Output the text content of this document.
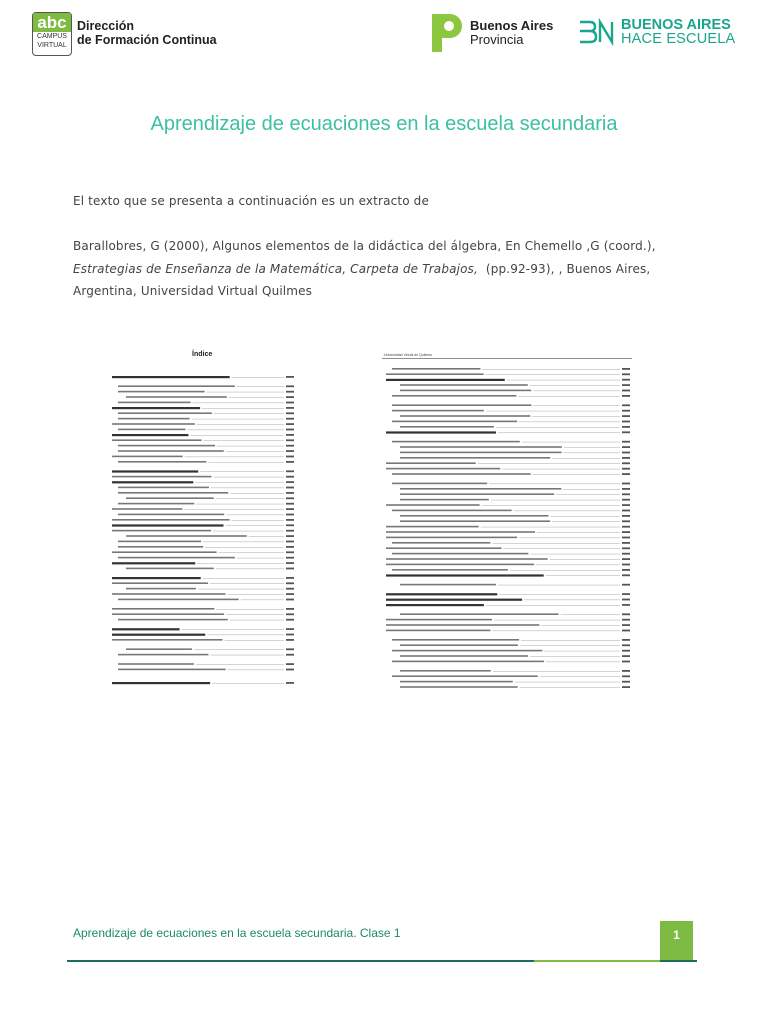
abc
CAMPUS
VIRTUAL
Dirección
de Formación Continua
Buenos Aires
Provincia
BUENOS AIRES
HACE ESCUELA
Aprendizaje de ecuaciones en la escuela secundaria
El texto que se presenta a continuación es un extracto de
Barallobres, G (2000), Algunos elementos de la didáctica del álgebra, En Chemello ,G (coord.),
Estrategias de Enseñanza de la Matemática, Carpeta de Trabajos, (pp.92-93), , Buenos Aires, Argentina, Universidad Virtual Quilmes
Índice	Universidad Virtual de Quilmes
Aprendizaje de ecuaciones en la escuela secundaria. Clase 1	1
